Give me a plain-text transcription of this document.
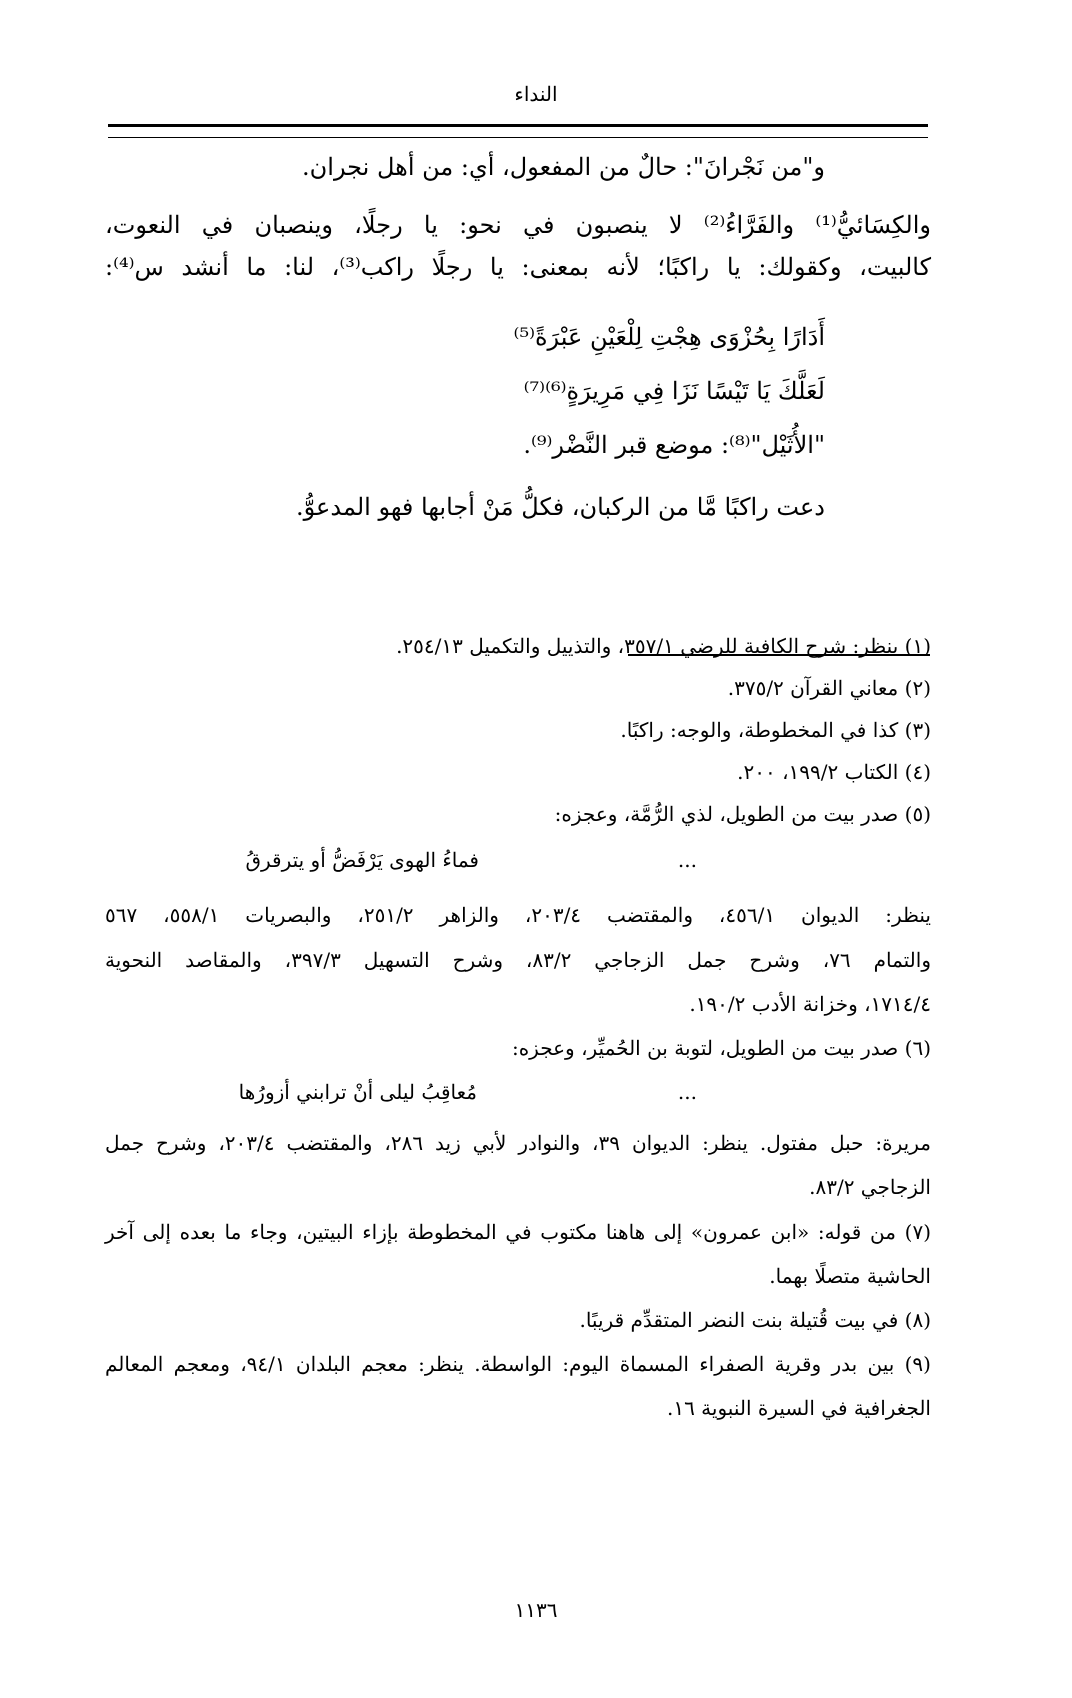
النداء
و"من نَجْرانَ": حالٌ من المفعول، أي: من أهل نجران.
والكِسَائيُّ⁽¹⁾ والفَرَّاءُ⁽²⁾ لا ينصبون في نحو: يا رجلًا، وينصبان في النعوت،
كالبيت، وكقولك: يا راكبًا؛ لأنه بمعنى: يا رجلًا راكب⁽³⁾، لنا: ما أنشد س⁽⁴⁾:
أَدَارًا بِحُزْوَى هِجْتِ لِلْعَيْنِ عَبْرَةً⁽⁵⁾
لَعَلَّكَ يَا تَيْسًا نَزَا فِي مَرِيرَةٍ⁽⁶⁾⁽⁷⁾
"الأُثَيْل"⁽⁸⁾: موضع قبر النَّضْر⁽⁹⁾.
دعت راكبًا مَّا من الركبان، فكلُّ مَنْ أجابها فهو المدعوُّ.
(١) ينظر: شرح الكافية للرضي ٣٥٧/١، والتذييل والتكميل ٢٥٤/١٣.
(٢) معاني القرآن ٣٧٥/٢.
(٣) كذا في المخطوطة، والوجه: راكبًا.
(٤) الكتاب ١٩٩/٢، ٢٠٠.
(٥) صدر بيت من الطويل، لذي الرُّمَّة، وعجزه:
...
فماءُ الهوى يَرْفَضُّ أو يترقرقُ
ينظر: الديوان ٤٥٦/١، والمقتضب ٢٠٣/٤، والزاهر ٢٥١/٢، والبصريات ٥٥٨/١، ٥٦٧
والتمام ٧٦، وشرح جمل الزجاجي ٨٣/٢، وشرح التسهيل ٣٩٧/٣، والمقاصد النحوية
١٧١٤/٤، وخزانة الأدب ١٩٠/٢.
(٦) صدر بيت من الطويل، لتوبة بن الحُميِّر، وعجزه:
...
مُعاقِبُ ليلى أنْ ترابني أزورُها
مريرة: حبل مفتول. ينظر: الديوان ٣٩، والنوادر لأبي زيد ٢٨٦، والمقتضب ٢٠٣/٤، وشرح جمل
الزجاجي ٨٣/٢.
(٧) من قوله: «ابن عمرون» إلى هاهنا مكتوب في المخطوطة بإزاء البيتين، وجاء ما بعده إلى آخر
الحاشية متصلًا بهما.
(٨) في بيت قُتيلة بنت النضر المتقدِّم قريبًا.
(٩) بين بدر وقرية الصفراء المسماة اليوم: الواسطة. ينظر: معجم البلدان ٩٤/١، ومعجم المعالم
الجغرافية في السيرة النبوية ١٦.
١١٣٦
